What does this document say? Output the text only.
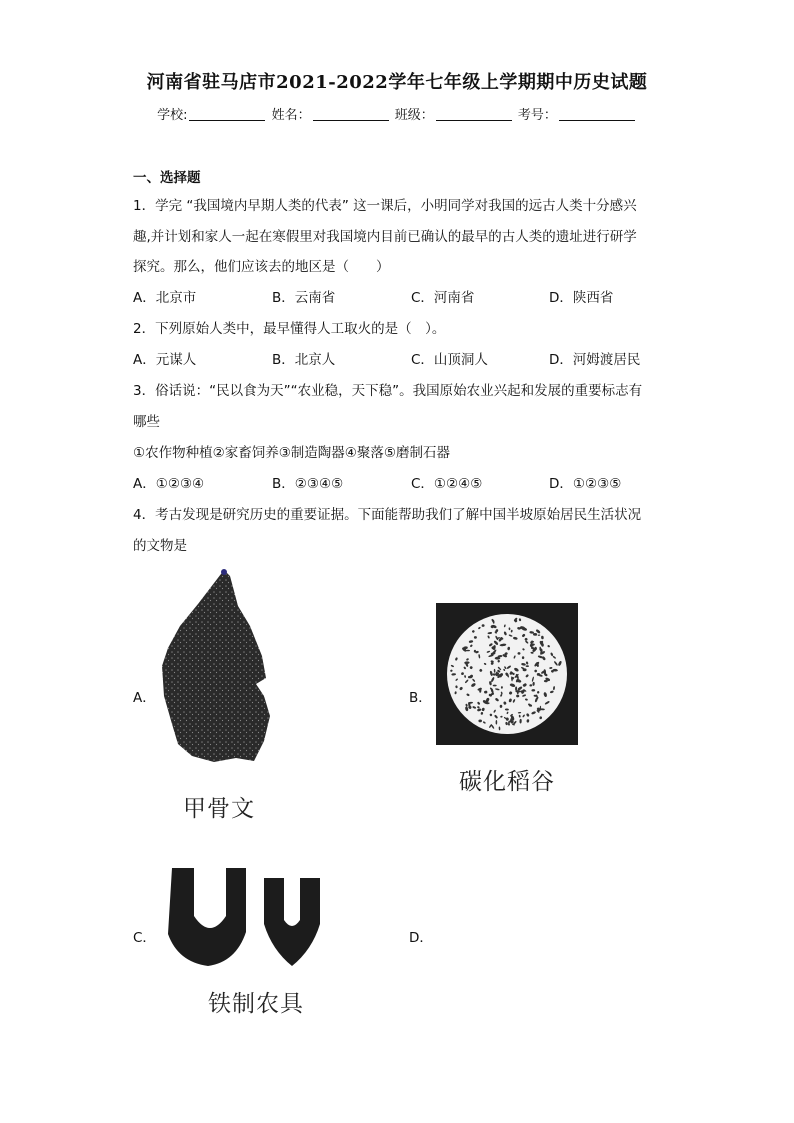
河南省驻马店市2021-2022学年七年级上学期期中历史试题
学校:	姓名：	班级：	考号：
一、选择题
1．学完 “我国境内早期人类的代表” 这一课后，小明同学对我国的远古人类十分感兴
趣,并计划和家人一起在寒假里对我国境内目前已确认的最早的古人类的遗址进行研学
探究。那么，他们应该去的地区是（　　）
A．北京市	B．云南省	C．河南省	D．陕西省
2．下列原始人类中，最早懂得人工取火的是（　）。
A．元谋人	B．北京人	C．山顶洞人	D．河姆渡居民
3．俗话说：“民以食为天”“农业稳，天下稳”。我国原始农业兴起和发展的重要标志有
哪些
①农作物种植②家畜饲养③制造陶器④聚落⑤磨制石器
A．①②③④	B．②③④⑤	C．①②④⑤	D．①②③⑤
4．考古发现是研究历史的重要证据。下面能帮助我们了解中国半坡原始居民生活状况
的文物是
A．
甲骨文
B．
碳化稻谷
C．
铁制农具
D．
